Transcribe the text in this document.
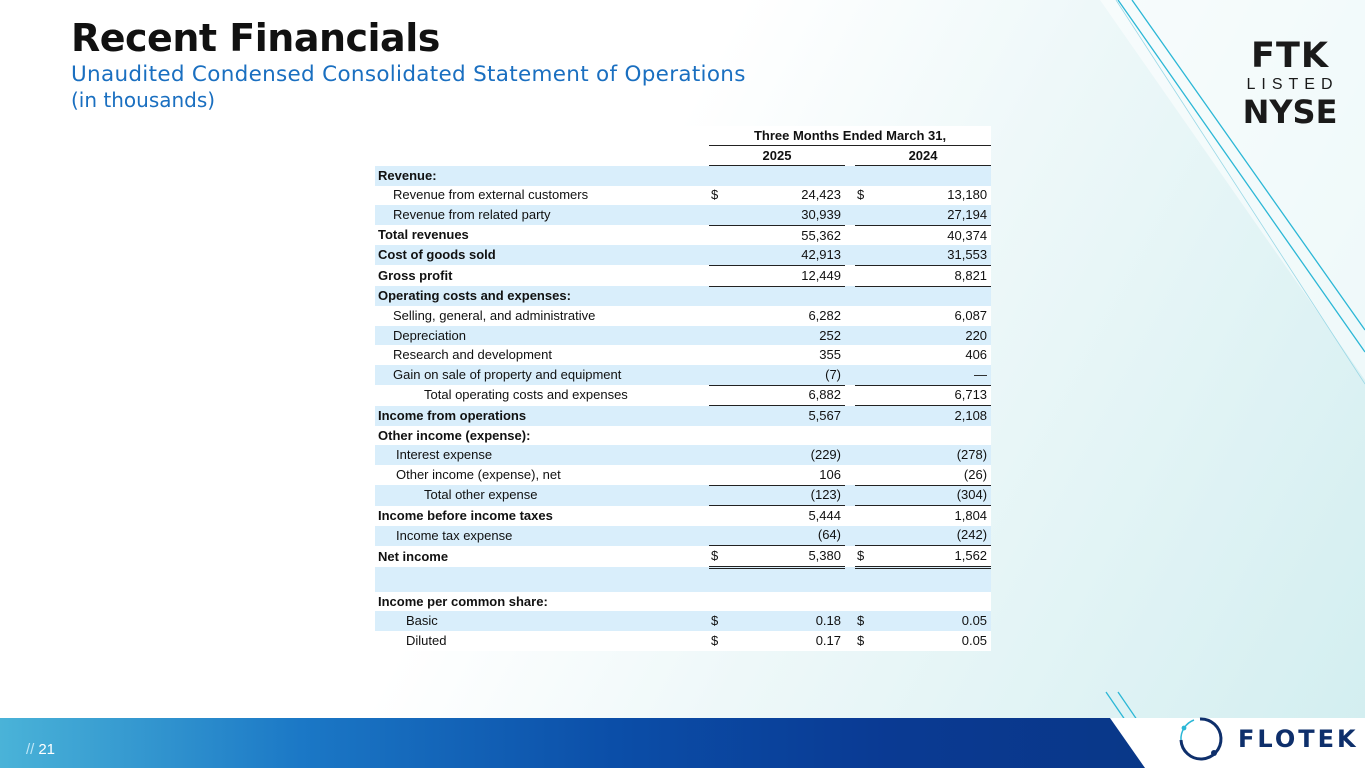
Recent Financials
Unaudited Condensed Consolidated Statement of Operations
(in thousands)
FTK
LISTED
NYSE
	Three Months Ended March 31,				
	2025			2024	
Revenue:					
Revenue from external customers	$	24,423		$	13,180
Revenue from related party		30,939			27,194
Total revenues		55,362			40,374
Cost of goods sold		42,913			31,553
Gross profit		12,449			8,821
Operating costs and expenses:					
Selling, general, and administrative		6,282			6,087
Depreciation		252			220
Research and development		355			406
Gain on sale of property and equipment		(7)			—
Total operating costs and expenses		6,882			6,713
Income from operations		5,567			2,108
Other income (expense):					
Interest expense		(229)			(278)
Other income (expense), net		106			(26)
Total other expense		(123)			(304)
Income before income taxes		5,444			1,804
Income tax expense		(64)			(242)
Net income	$	5,380		$	1,562

Income per common share:					
Basic	$	0.18		$	0.05
Diluted	$	0.17		$	0.05
// 21	FLOTEK
